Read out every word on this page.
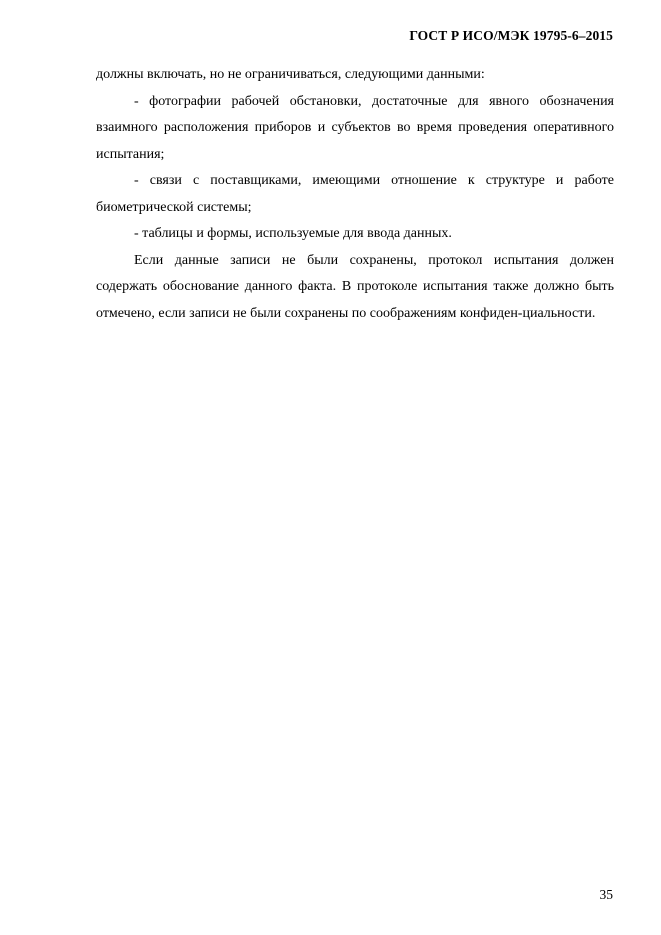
ГОСТ Р ИСО/МЭК 19795-6–2015

должны включать, но не ограничиваться, следующими данными:

- фотографии рабочей обстановки, достаточные для явного обозначения взаимного расположения приборов и субъектов во время проведения оперативного испытания;

- связи с поставщиками, имеющими отношение к структуре и работе биометрической системы;

- таблицы и формы, используемые для ввода данных.

Если данные записи не были сохранены, протокол испытания должен содержать обоснование данного факта. В протоколе испытания также должно быть отмечено, если записи не были сохранены по соображениям конфиден-циальности.

35
